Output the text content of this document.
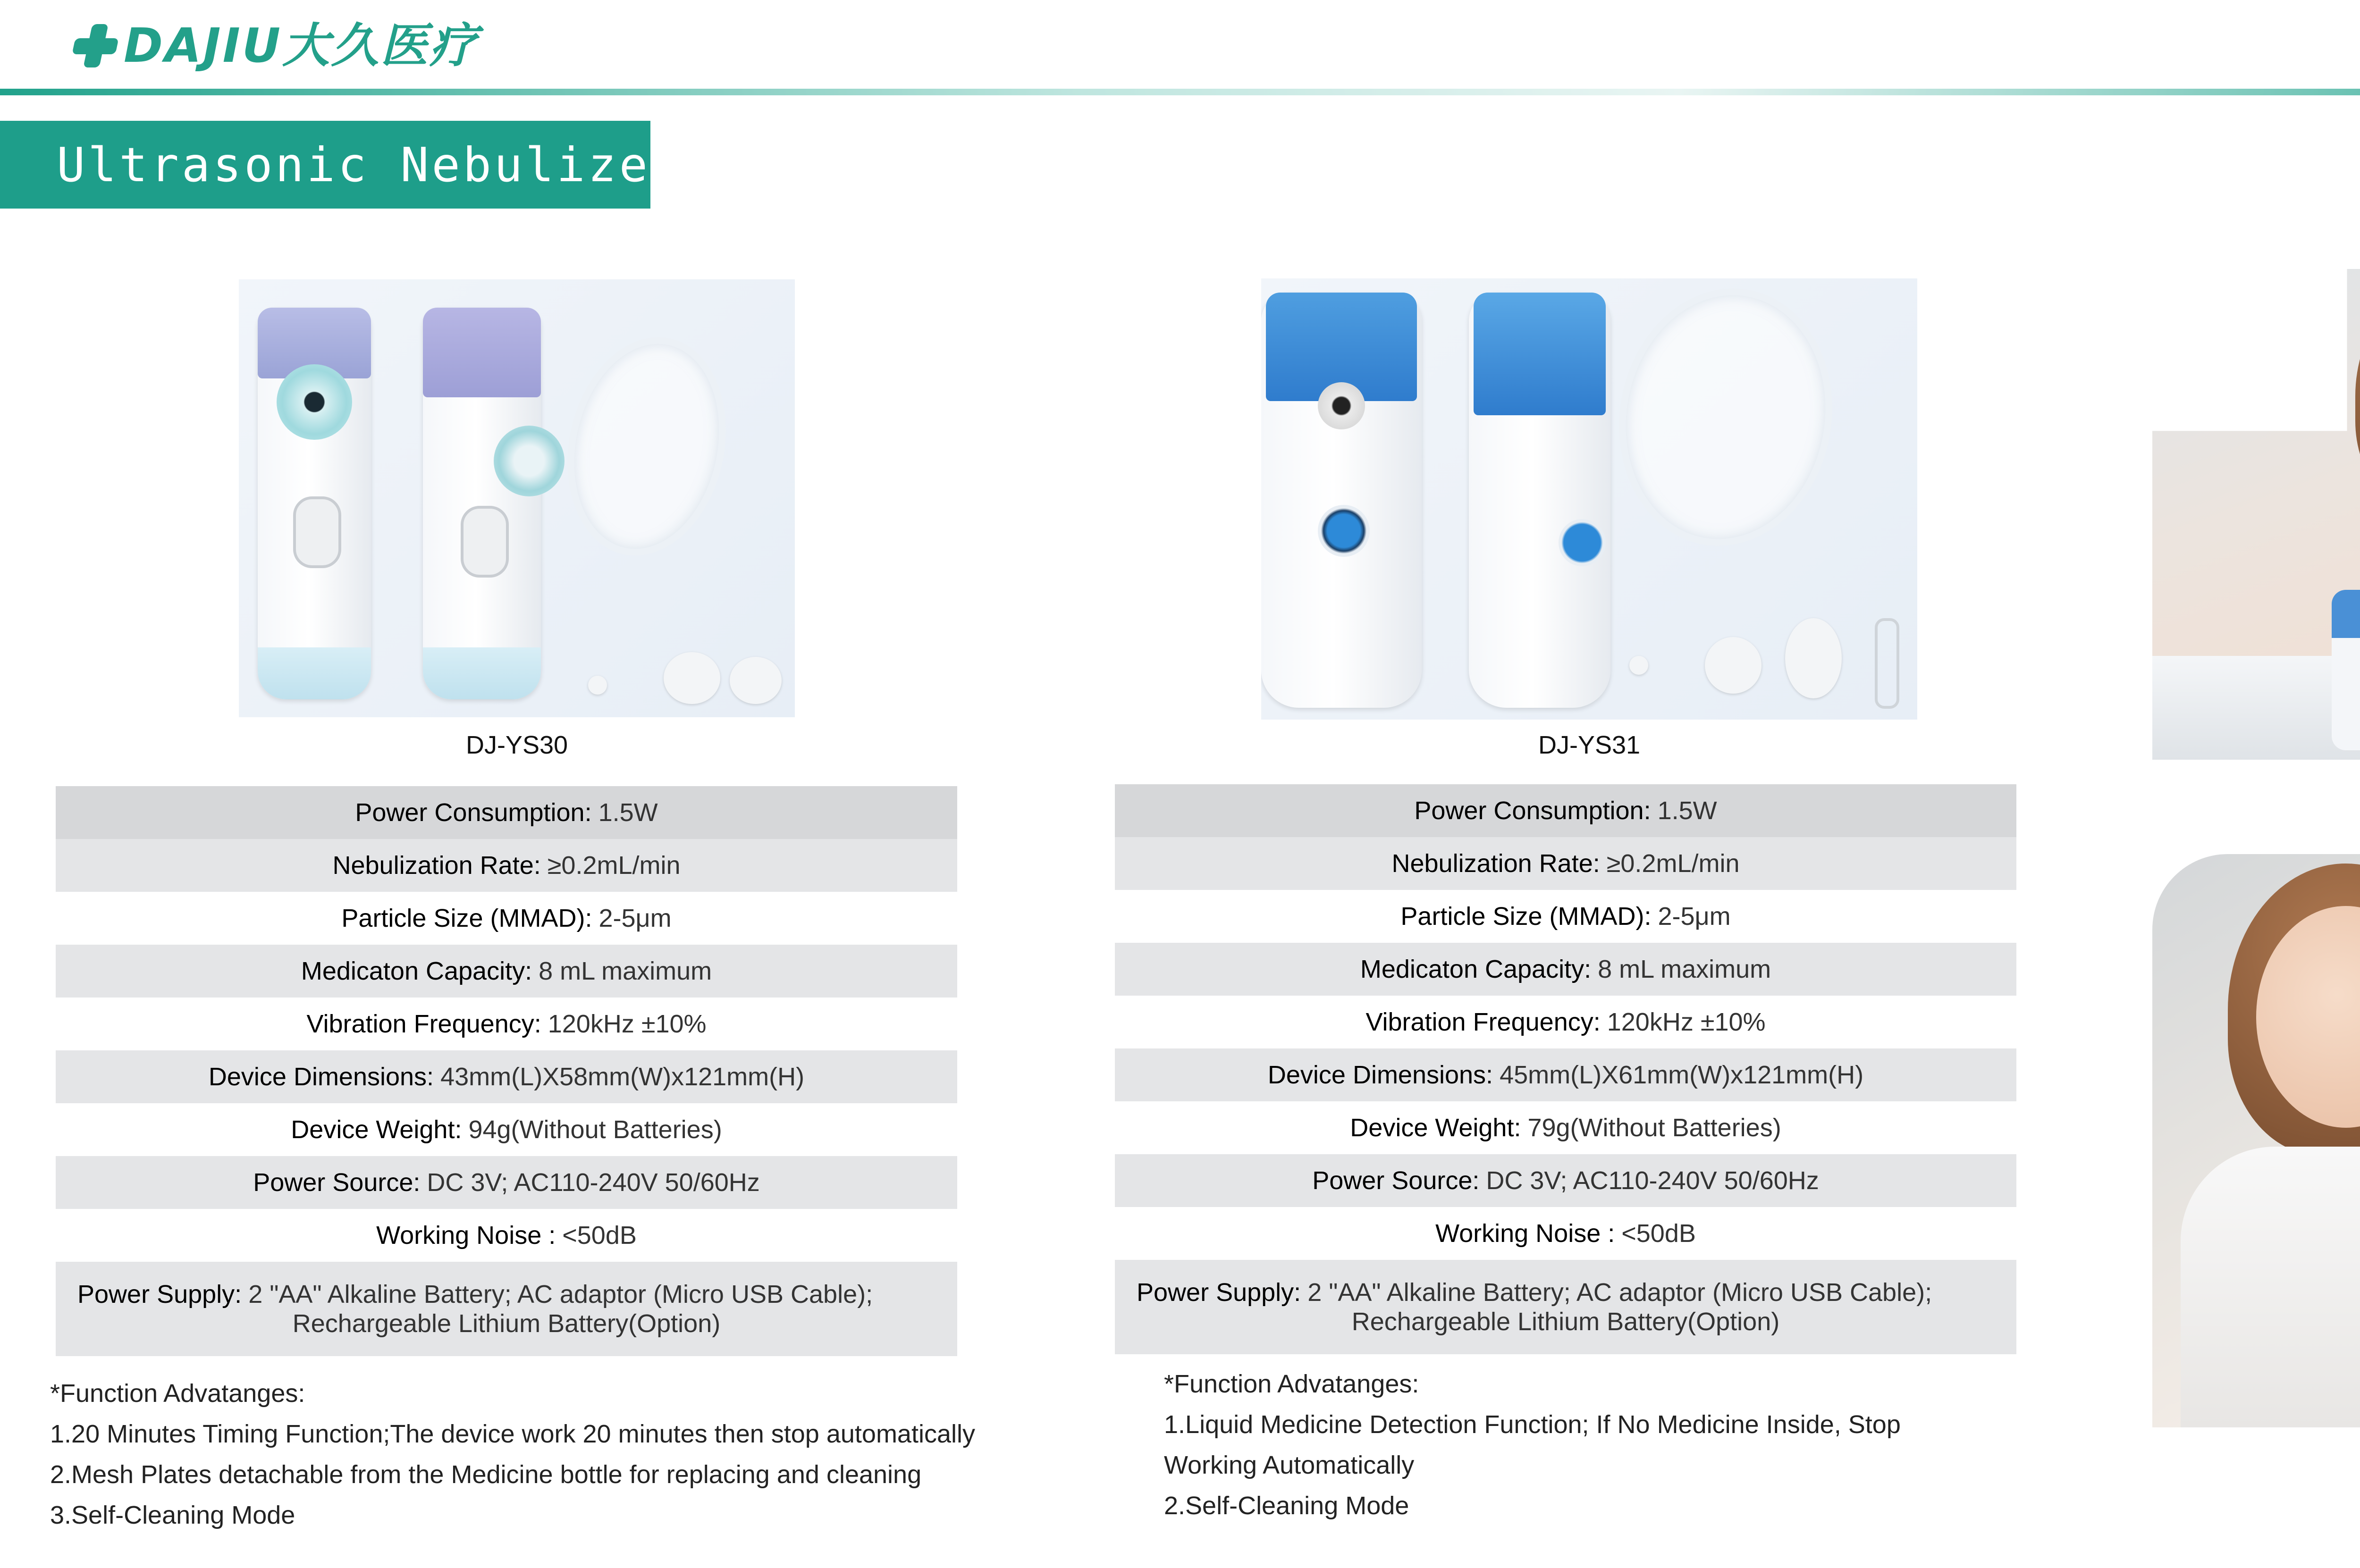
DAJIU大久医疗
Ultrasonic Nebulizer
DJ-YS30	DJ-YS31
Power Consumption: 1.5W
Nebulization Rate: ≥0.2mL/min
Particle Size (MMAD): 2-5μm
Medicaton Capacity: 8 mL maximum
Vibration Frequency: 120kHz ±10%
Device Dimensions: 43mm(L)X58mm(W)x121mm(H)
Device Weight: 94g(Without Batteries)
Power Source: DC 3V; AC110-240V 50/60Hz
Working Noise : <50dB
Power Supply: 2 "AA" Alkaline Battery; AC adaptor (Micro USB Cable);
Rechargeable Lithium Battery(Option)
Power Consumption: 1.5W
Nebulization Rate: ≥0.2mL/min
Particle Size (MMAD): 2-5μm
Medicaton Capacity: 8 mL maximum
Vibration Frequency: 120kHz ±10%
Device Dimensions: 45mm(L)X61mm(W)x121mm(H)
Device Weight: 79g(Without Batteries)
Power Source: DC 3V; AC110-240V 50/60Hz
Working Noise : <50dB
Power Supply: 2 "AA" Alkaline Battery; AC adaptor (Micro USB Cable);
Rechargeable Lithium Battery(Option)
*Function Advatanges:
1.20 Minutes Timing Function;The device work 20 minutes then stop automatically
2.Mesh Plates detachable from the Medicine bottle for replacing and cleaning
3.Self-Cleaning Mode
*Function Advatanges:
1.Liquid Medicine Detection Function; If No Medicine Inside, Stop
Working Automatically
2.Self-Cleaning Mode
